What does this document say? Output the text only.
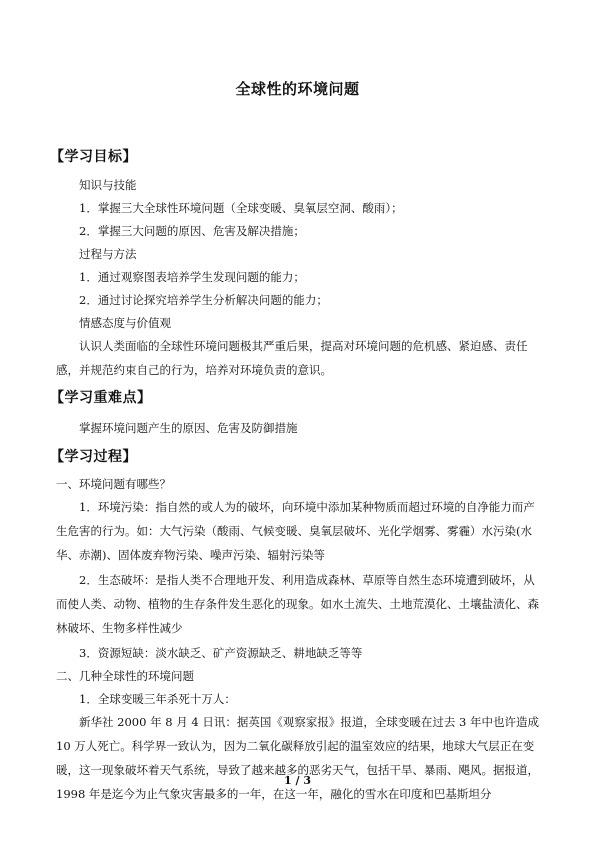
全球性的环境问题
【学习目标】

知识与技能

1．掌握三大全球性环境问题（全球变暖、臭氧层空洞、酸雨）；

2．掌握三大问题的原因、危害及解决措施；

过程与方法

1．通过观察图表培养学生发现问题的能力；

2．通过讨论探究培养学生分析解决问题的能力；

情感态度与价值观

认识人类面临的全球性环境问题极其严重后果，提高对环境问题的危机感、紧迫感、责任感，并规范约束自己的行为，培养对环境负责的意识。

【学习重难点】

掌握环境问题产生的原因、危害及防御措施

【学习过程】

一、环境问题有哪些？

1．环境污染：指自然的或人为的破坏，向环境中添加某种物质而超过环境的自净能力而产生危害的行为。如：大气污染（酸雨、气候变暖、臭氧层破坏、光化学烟雾、雾霾）水污染(水华、赤潮)、固体废弃物污染、噪声污染、辐射污染等

2．生态破坏：是指人类不合理地开发、利用造成森林、草原等自然生态环境遭到破坏，从而使人类、动物、植物的生存条件发生恶化的现象。如水土流失、土地荒漠化、土壤盐渍化、森林破坏、生物多样性减少

3．资源短缺：淡水缺乏、矿产资源缺乏、耕地缺乏等等

二、几种全球性的环境问题

1．全球变暖三年杀死十万人：

新华社 2000 年 8 月 4 日讯：据英国《观察家报》报道，全球变暖在过去 3 年中也许造成 10 万人死亡。科学界一致认为，因为二氧化碳释放引起的温室效应的结果，地球大气层正在变暖，这一现象破坏着天气系统，导致了越来越多的恶劣天气，包括干旱、暴雨、飓风。据报道，1998 年是迄今为止气象灾害最多的一年，在这一年，融化的雪水在印度和巴基斯坦分

1 / 3
